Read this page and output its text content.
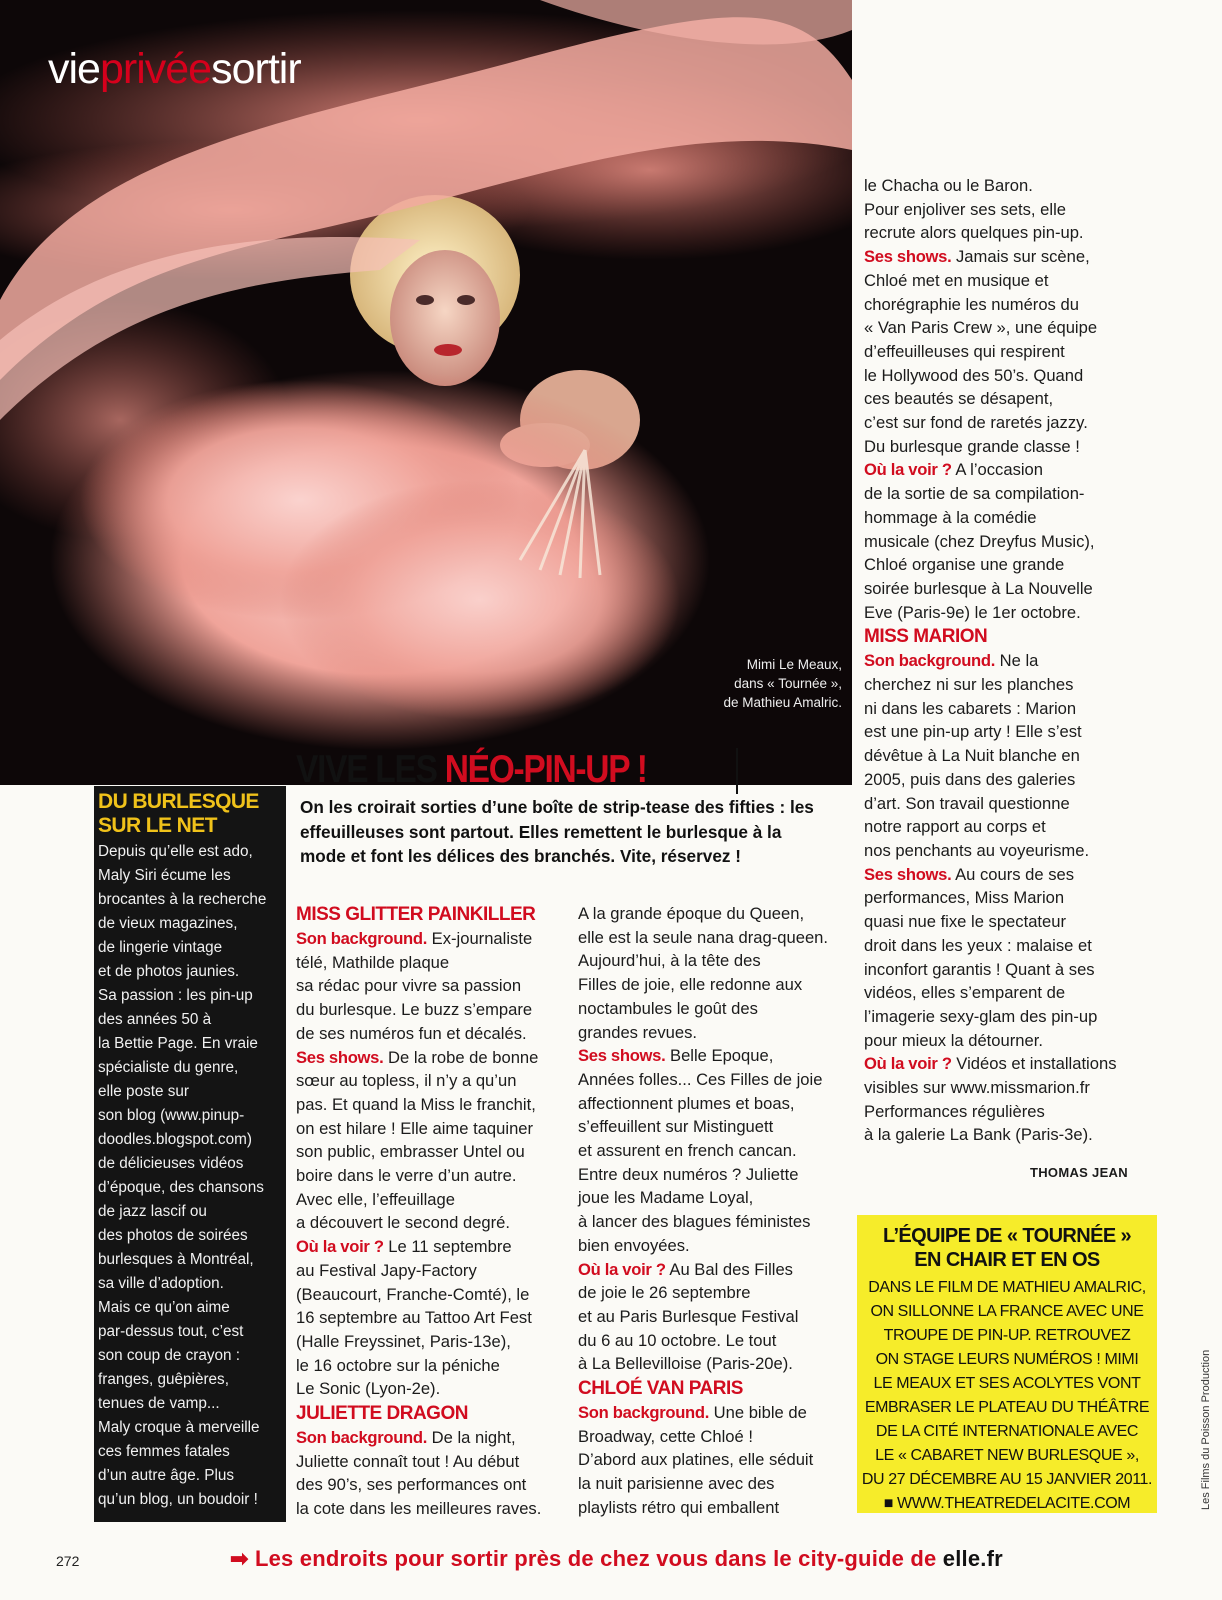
vieprivéesortir
Mimi Le Meaux,
dans « Tournée »,
de Mathieu Amalric.
VIVE LES NÉO-PIN-UP !
On les croirait sorties d’une boîte de strip-tease des fifties : les effeuilleuses sont partout. Elles remettent le burlesque à la mode et font les délices des branchés. Vite, réservez !
DU BURLESQUE
SUR LE NET
Depuis qu’elle est ado,
Maly Siri écume les
brocantes à la recherche
de vieux magazines,
de lingerie vintage
et de photos jaunies.
Sa passion : les pin-up
des années 50 à
la Bettie Page. En vraie
spécialiste du genre,
elle poste sur
son blog (www.pinup-
doodles.blogspot.com)
de délicieuses vidéos
d’époque, des chansons
de jazz lascif ou
des photos de soirées
burlesques à Montréal,
sa ville d’adoption.
Mais ce qu’on aime
par-dessus tout, c’est
son coup de crayon :
franges, guêpières,
tenues de vamp...
Maly croque à merveille
ces femmes fatales
d’un autre âge. Plus
qu’un blog, un boudoir !
MISS GLITTER PAINKILLER

Son background. Ex-journaliste
télé, Mathilde plaque
sa rédac pour vivre sa passion
du burlesque. Le buzz s’empare
de ses numéros fun et décalés.

Ses shows. De la robe de bonne
sœur au topless, il n’y a qu’un
pas. Et quand la Miss le franchit,
on est hilare ! Elle aime taquiner
son public, embrasser Untel ou
boire dans le verre d’un autre.
Avec elle, l’effeuillage
a découvert le second degré.

Où la voir ? Le 11 septembre
au Festival Japy-Factory
(Beaucourt, Franche-Comté), le
16 septembre au Tattoo Art Fest
(Halle Freyssinet, Paris-13e),
le 16 octobre sur la péniche
Le Sonic (Lyon-2e).

JULIETTE DRAGON

Son background. De la night,
Juliette connaît tout ! Au début
des 90’s, ses performances ont
la cote dans les meilleures raves.

A la grande époque du Queen,
elle est la seule nana drag-queen.
Aujourd’hui, à la tête des
Filles de joie, elle redonne aux
noctambules le goût des
grandes revues.

Ses shows. Belle Epoque,
Années folles... Ces Filles de joie
affectionnent plumes et boas,
s’effeuillent sur Mistinguett
et assurent en french cancan.
Entre deux numéros ? Juliette
joue les Madame Loyal,
à lancer des blagues féministes
bien envoyées.

Où la voir ? Au Bal des Filles
de joie le 26 septembre
et au Paris Burlesque Festival
du 6 au 10 octobre. Le tout
à La Bellevilloise (Paris-20e).

CHLOÉ VAN PARIS

Son background. Une bible de
Broadway, cette Chloé !
D’abord aux platines, elle séduit
la nuit parisienne avec des
playlists rétro qui emballent

le Chacha ou le Baron.
Pour enjoliver ses sets, elle
recrute alors quelques pin-up.

Ses shows. Jamais sur scène,
Chloé met en musique et
chorégraphie les numéros du
« Van Paris Crew », une équipe
d’effeuilleuses qui respirent
le Hollywood des 50’s. Quand
ces beautés se désapent,
c’est sur fond de raretés jazzy.
Du burlesque grande classe !

Où la voir ? A l’occasion
de la sortie de sa compilation-
hommage à la comédie
musicale (chez Dreyfus Music),
Chloé organise une grande
soirée burlesque à La Nouvelle
Eve (Paris-9e) le 1er octobre.

MISS MARION

Son background. Ne la
cherchez ni sur les planches
ni dans les cabarets : Marion
est une pin-up arty ! Elle s’est
dévêtue à La Nuit blanche en
2005, puis dans des galeries
d’art. Son travail questionne
notre rapport au corps et
nos penchants au voyeurisme.

Ses shows. Au cours de ses
performances, Miss Marion
quasi nue fixe le spectateur
droit dans les yeux : malaise et
inconfort garantis ! Quant à ses
vidéos, elles s’emparent de
l’imagerie sexy-glam des pin-up
pour mieux la détourner.

Où la voir ? Vidéos et installations
visibles sur www.missmarion.fr
Performances régulières
à la galerie La Bank (Paris-3e).

THOMAS JEAN
L’ÉQUIPE DE « TOURNÉE »
EN CHAIR ET EN OS
DANS LE FILM DE MATHIEU AMALRIC,
ON SILLONNE LA FRANCE AVEC UNE
TROUPE DE PIN-UP. RETROUVEZ
ON STAGE LEURS NUMÉROS ! MIMI
LE MEAUX ET SES ACOLYTES VONT
EMBRASER LE PLATEAU DU THÉÂTRE
DE LA CITÉ INTERNATIONALE AVEC
LE « CABARET NEW BURLESQUE »,
DU 27 DÉCEMBRE AU 15 JANVIER 2011.
■ WWW.THEATREDELACITE.COM	Les Films du Poisson Production
272	➡ Les endroits pour sortir près de chez vous dans le city-guide de elle.fr
